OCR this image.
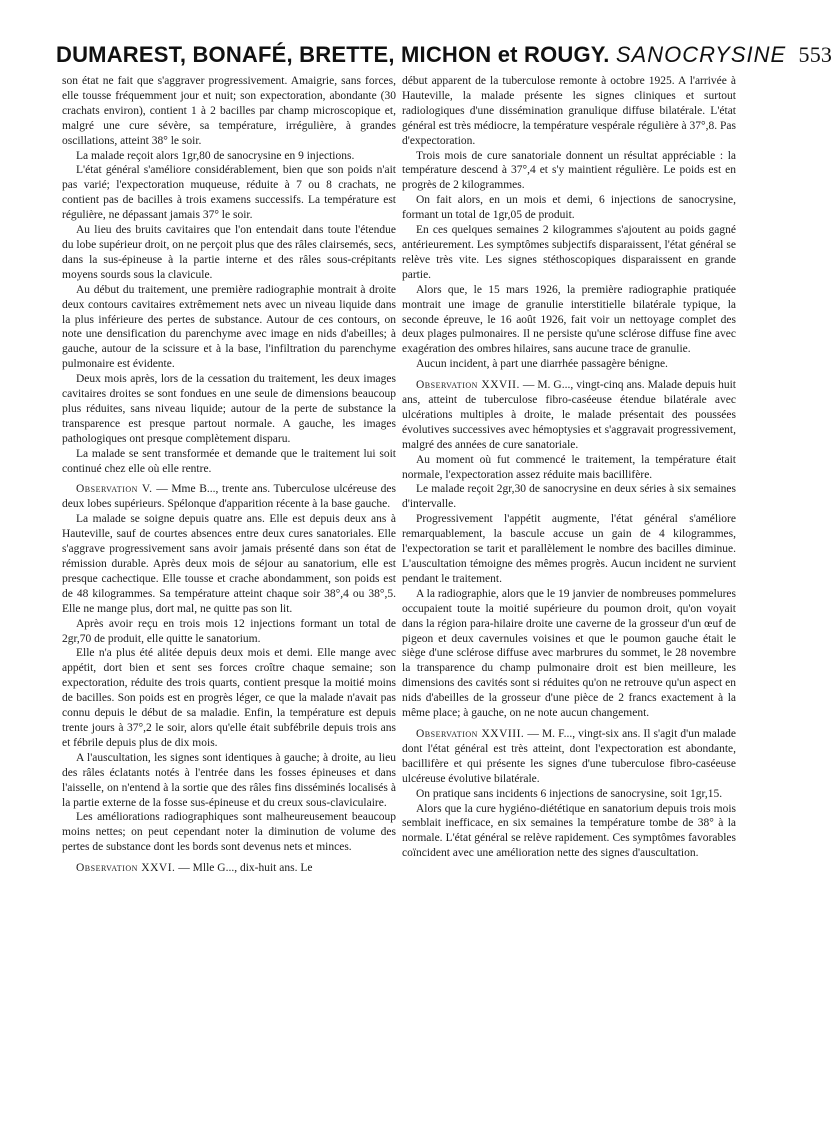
DUMAREST, BONAFÉ, BRETTE, MICHON et ROUGY. SANOCRYSINE 553

son état ne fait que s'aggraver progressivement. Amaigrie, sans forces, elle tousse fréquemment jour et nuit; son expectoration, abondante (30 crachats environ), contient 1 à 2 bacilles par champ microscopique et, malgré une cure sévère, sa température, irrégulière, à grandes oscillations, atteint 38° le soir.

La malade reçoit alors 1gr,80 de sanocrysine en 9 injections.

L'état général s'améliore considérablement, bien que son poids n'ait pas varié; l'expectoration muqueuse, réduite à 7 ou 8 crachats, ne contient pas de bacilles à trois examens successifs. La température est régulière, ne dépassant jamais 37° le soir.

Au lieu des bruits cavitaires que l'on entendait dans toute l'étendue du lobe supérieur droit, on ne perçoit plus que des râles clairsemés, secs, dans la sus-épineuse à la partie interne et des râles sous-crépitants moyens sourds sous la clavicule.

Au début du traitement, une première radiographie montrait à droite deux contours cavitaires extrêmement nets avec un niveau liquide dans la plus inférieure des pertes de substance. Autour de ces contours, on note une densification du parenchyme avec image en nids d'abeilles; à gauche, autour de la scissure et à la base, l'infiltration du parenchyme pulmonaire est évidente.

Deux mois après, lors de la cessation du traitement, les deux images cavitaires droites se sont fondues en une seule de dimensions beaucoup plus réduites, sans niveau liquide; autour de la perte de substance la transparence est presque partout normale. A gauche, les images pathologiques ont presque complètement disparu.

La malade se sent transformée et demande que le traitement lui soit continué chez elle où elle rentre.

Observation V. — Mme B..., trente ans. Tuberculose ulcéreuse des deux lobes supérieurs. Spélonque d'apparition récente à la base gauche.

La malade se soigne depuis quatre ans. Elle est depuis deux ans à Hauteville, sauf de courtes absences entre deux cures sanatoriales. Elle s'aggrave progressivement sans avoir jamais présenté dans son état de rémission durable. Après deux mois de séjour au sanatorium, elle est presque cachectique. Elle tousse et crache abondamment, son poids est de 48 kilogrammes. Sa température atteint chaque soir 38°,4 ou 38°,5. Elle ne mange plus, dort mal, ne quitte pas son lit.

Après avoir reçu en trois mois 12 injections formant un total de 2gr,70 de produit, elle quitte le sanatorium.

Elle n'a plus été alitée depuis deux mois et demi. Elle mange avec appétit, dort bien et sent ses forces croître chaque semaine; son expectoration, réduite des trois quarts, contient presque la moitié moins de bacilles. Son poids est en progrès léger, ce que la malade n'avait pas connu depuis le début de sa maladie. Enfin, la température est depuis trente jours à 37°,2 le soir, alors qu'elle était subfébrile depuis trois ans et fébrile depuis plus de dix mois.

A l'auscultation, les signes sont identiques à gauche; à droite, au lieu des râles éclatants notés à l'entrée dans les fosses épineuses et dans l'aisselle, on n'entend à la sortie que des râles fins disséminés localisés à la partie externe de la fosse sus-épineuse et du creux sous-claviculaire.

Les améliorations radiographiques sont malheureusement beaucoup moins nettes; on peut cependant noter la diminution de volume des pertes de substance dont les bords sont devenus nets et minces.

Observation XXVI. — Mlle G..., dix-huit ans. Le

début apparent de la tuberculose remonte à octobre 1925. A l'arrivée à Hauteville, la malade présente les signes cliniques et surtout radiologiques d'une dissémination granulique diffuse bilatérale. L'état général est très médiocre, la température vespérale régulière à 37°,8. Pas d'expectoration.

Trois mois de cure sanatoriale donnent un résultat appréciable : la température descend à 37°,4 et s'y maintient régulière. Le poids est en progrès de 2 kilogrammes.

On fait alors, en un mois et demi, 6 injections de sanocrysine, formant un total de 1gr,05 de produit.

En ces quelques semaines 2 kilogrammes s'ajoutent au poids gagné antérieurement. Les symptômes subjectifs disparaissent, l'état général se relève très vite. Les signes stéthoscopiques disparaissent en grande partie.

Alors que, le 15 mars 1926, la première radiographie pratiquée montrait une image de granulie interstitielle bilatérale typique, la seconde épreuve, le 16 août 1926, fait voir un nettoyage complet des deux plages pulmonaires. Il ne persiste qu'une sclérose diffuse fine avec exagération des ombres hilaires, sans aucune trace de granulie.

Aucun incident, à part une diarrhée passagère bénigne.

Observation XXVII. — M. G..., vingt-cinq ans. Malade depuis huit ans, atteint de tuberculose fibro-caséeuse étendue bilatérale avec ulcérations multiples à droite, le malade présentait des poussées évolutives successives avec hémoptysies et s'aggravait progressivement, malgré des années de cure sanatoriale.

Au moment où fut commencé le traitement, la température était normale, l'expectoration assez réduite mais bacillifère.

Le malade reçoit 2gr,30 de sanocrysine en deux séries à six semaines d'intervalle.

Progressivement l'appétit augmente, l'état général s'améliore remarquablement, la bascule accuse un gain de 4 kilogrammes, l'expectoration se tarit et parallèlement le nombre des bacilles diminue. L'auscultation témoigne des mêmes progrès. Aucun incident ne survient pendant le traitement.

A la radiographie, alors que le 19 janvier de nombreuses pommelures occupaient toute la moitié supérieure du poumon droit, qu'on voyait dans la région para-hilaire droite une caverne de la grosseur d'un œuf de pigeon et deux cavernules voisines et que le poumon gauche était le siège d'une sclérose diffuse avec marbrures du sommet, le 28 novembre la transparence du champ pulmonaire droit est bien meilleure, les dimensions des cavités sont si réduites qu'on ne retrouve qu'un aspect en nids d'abeilles de la grosseur d'une pièce de 2 francs exactement à la même place; à gauche, on ne note aucun changement.

Observation XXVIII. — M. F..., vingt-six ans. Il s'agit d'un malade dont l'état général est très atteint, dont l'expectoration est abondante, bacillifère et qui présente les signes d'une tuberculose fibro-caséeuse ulcéreuse évolutive bilatérale.

On pratique sans incidents 6 injections de sanocrysine, soit 1gr,15.

Alors que la cure hygiéno-diététique en sanatorium depuis trois mois semblait inefficace, en six semaines la température tombe de 38° à la normale. L'état général se relève rapidement. Ces symptômes favorables coïncident avec une amélioration nette des signes d'auscultation.
